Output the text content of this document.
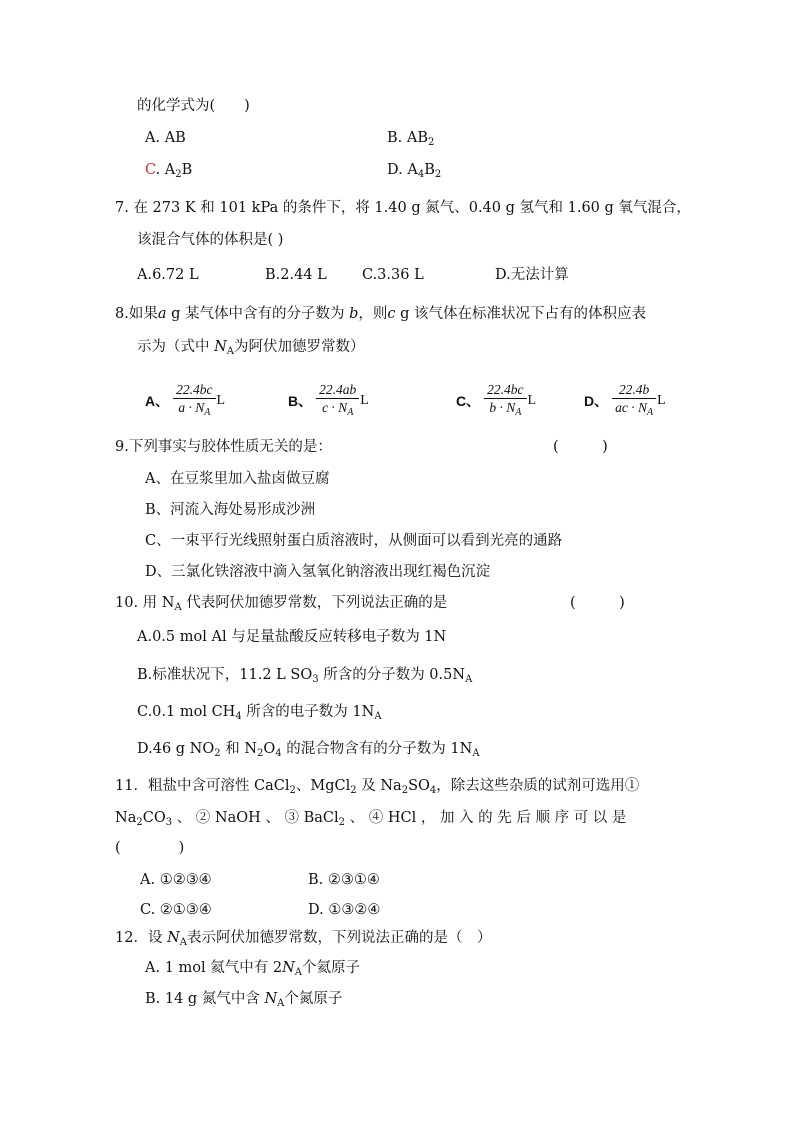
的化学式为(　　)
A. AB	B. $AB_2$
C. $A_2B$	D. $A_4B_2$
7. 在 273 K 和 101 kPa 的条件下，将 1.40 g 氮气、0.40 g 氢气和 1.60 g 氧气混合，
该混合气体的体积是( )
A.6.72 L	B.2.44 L C.3.36 L	D.无法计算
8.如果a g 某气体中含有的分子数为 b，则c g 该气体在标准状况下占有的体积应表
示为（式中 $N_A$为阿伏加德罗常数）
A、 $\frac{22.4bc}{a \cdot N_A}$ L	B、 $\frac{22.4ab}{c \cdot N_A}$ L	C、 $\frac{22.4bc}{b \cdot N_A}$ L	D、 $\frac{22.4b}{ac \cdot N_A}$ L
9.下列事实与胶体性质无关的是：	(　　　)
A、在豆浆里加入盐卤做豆腐
B、河流入海处易形成沙洲
C、一束平行光线照射蛋白质溶液时，从侧面可以看到光亮的通路
D、三氯化铁溶液中滴入氢氧化钠溶液出现红褐色沉淀
10. 用 $N_A$ 代表阿伏加德罗常数，下列说法正确的是	(　　　)
A.0.5 mol Al 与足量盐酸反应转移电子数为 1N
B.标准状况下，11.2 L $SO_3$ 所含的分子数为 $0.5N_A$
C.0.1 mol $CH_4$ 所含的电子数为 $1N_A$
D.46 g $NO_2$ 和 $N_2O_4$ 的混合物含有的分子数为 $1N_A$
11．粗盐中含可溶性 CaCl$_2$、MgCl$_2$ 及 $Na_2SO_4$，除去这些杂质的试剂可选用①
$Na_2CO_3$ 、 ② NaOH 、 ③ BaCl$_2$ 、 ④ HCl ， 加 入 的 先 后 顺 序 可 以 是
(　　　　)
A. ①②③④	B. ②③①④
C. ②①③④	D. ①③②④
12．设 $N_A$表示阿伏加德罗常数，下列说法正确的是（　）
A. 1 mol 氦气中有 $2N_A$个氦原子
B. 14 g 氮气中含 $N_A$个氮原子
